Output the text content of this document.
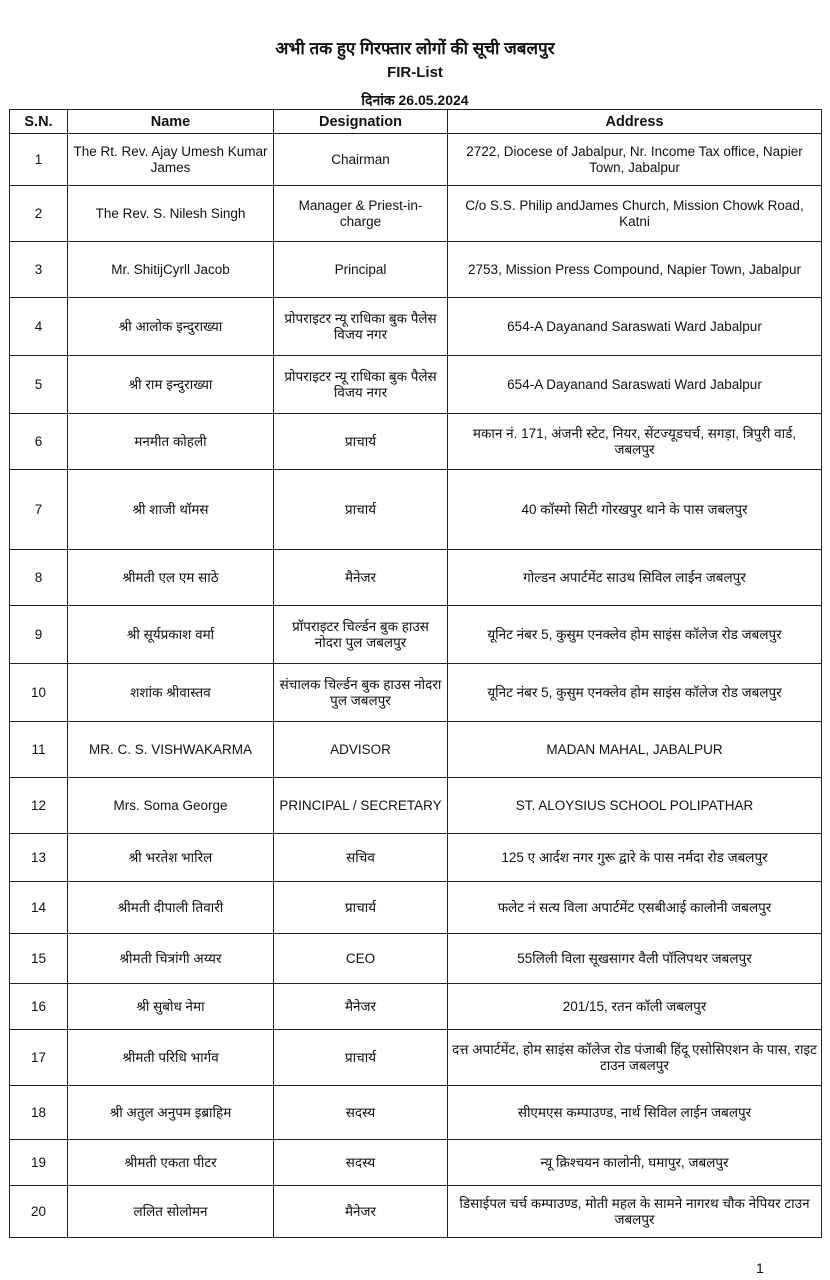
अभी तक हुए गिरफ्तार लोगों की सूची जबलपुर
FIR-List
दिनांक 26.05.2024
S.N.	Name	Designation	Address
1	The Rt. Rev. Ajay Umesh Kumar James	Chairman	2722, Diocese of Jabalpur, Nr. Income Tax office, Napier Town, Jabalpur
2	The Rev. S. Nilesh Singh	Manager & Priest-in-charge	C/o S.S. Philip andJames Church, Mission Chowk Road, Katni
3	Mr. ShitijCyrll Jacob	Principal	2753, Mission Press Compound, Napier Town, Jabalpur
4	श्री आलोक इन्दुराख्या	प्रोपराइटर न्यू राधिका बुक पैलेस विजय नगर	654-A Dayanand Saraswati Ward Jabalpur
5	श्री राम इन्दुराख्या	प्रोपराइटर न्यू राधिका बुक पैलेस विजय नगर	654-A Dayanand Saraswati Ward Jabalpur
6	मनमीत कोहली	प्राचार्य	मकान नं. 171, अंजनी स्टेट, नियर, सेंटज्यूडचर्च, सगड़ा, त्रिपुरी वार्ड, जबलपुर
7	श्री शाजी थॉमस	प्राचार्य	40 कॉस्मो सिटी गोरखपुर थाने के पास जबलपुर
8	श्रीमती एल एम साठे	मैनेजर	गोल्डन अपार्टमेंट साउथ सिविल लाईन जबलपुर
9	श्री सूर्यप्रकाश वर्मा	प्रॉपराइटर चिर्ल्डन बुक हाउस नोदरा पुल जबलपुर	यूनिट नंबर 5, कुसुम एनक्लेव होम साइंस कॉलेज रोड जबलपुर
10	शशांक श्रीवास्तव	संचालक चिर्ल्डन बुक हाउस नोदरा पुल जबलपुर	यूनिट नंबर 5, कुसुम एनक्लेव होम साइंस कॉलेज रोड जबलपुर
11	MR. C. S. VISHWAKARMA	ADVISOR	MADAN MAHAL, JABALPUR
12	Mrs. Soma George	PRINCIPAL / SECRETARY	ST. ALOYSIUS SCHOOL POLIPATHAR
13	श्री भरतेश भारिल	सचिव	125 ए आर्दश नगर गुरू द्वारे के पास नर्मदा रोड जबलपुर
14	श्रीमती दीपाली तिवारी	प्राचार्य	फलेट नं सत्य विला अपार्टमेंट एसबीआई कालोनी जबलपुर
15	श्रीमती चित्रांगी अय्यर	CEO	55लिली विला सूखसागर वैली पॉलिपथर जबलपुर
16	श्री सुबोध नेमा	मैनेजर	201/15, रतन कॉली जबलपुर
17	श्रीमती परिधि भार्गव	प्राचार्य	दत्त अपार्टमेंट, होम साइंस कॉलेज रोड पंजाबी हिंदू एसोसिएशन के पास, राइट टाउन जबलपुर
18	श्री अतुल अनुपम इब्राहिम	सदस्य	सीएमएस कम्पाउण्ड, नार्थ सिविल लाईन जबलपुर
19	श्रीमती एकता पीटर	सदस्य	न्यू क्रिश्चयन कालोनी, घमापुर, जबलपुर
20	ललित सोलोमन	मैनेजर	डिसाईपल चर्च कम्पाउण्ड, मोती महल के सामने नागरथ चौक नेपियर टाउन जबलपुर
1
